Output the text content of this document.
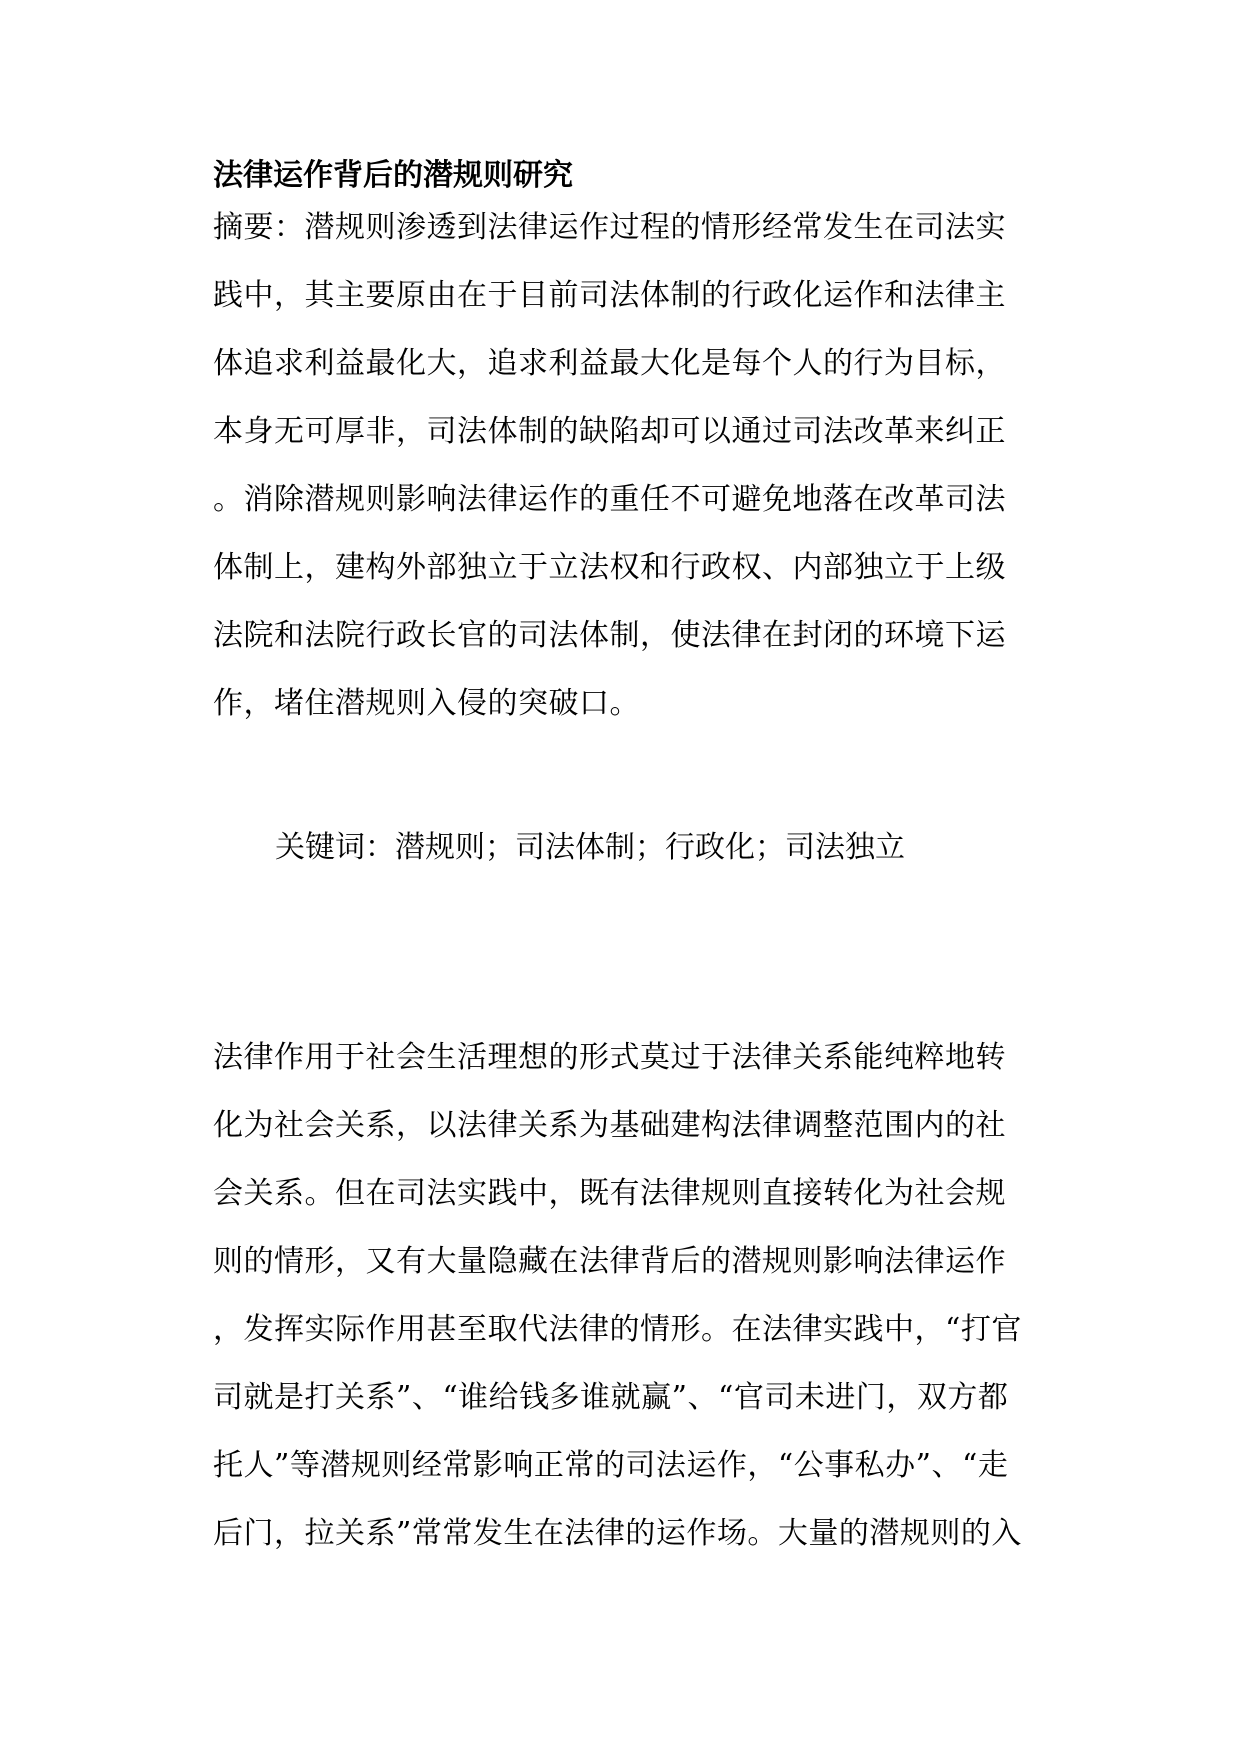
法律运作背后的潜规则研究
摘要：潜规则渗透到法律运作过程的情形经常发生在司法实
践中，其主要原由在于目前司法体制的行政化运作和法律主
体追求利益最化大，追求利益最大化是每个人的行为目标，
本身无可厚非，司法体制的缺陷却可以通过司法改革来纠正
。消除潜规则影响法律运作的重任不可避免地落在改革司法
体制上，建构外部独立于立法权和行政权、内部独立于上级
法院和法院行政长官的司法体制，使法律在封闭的环境下运
作，堵住潜规则入侵的突破口。
关键词：潜规则；司法体制；行政化；司法独立
法律作用于社会生活理想的形式莫过于法律关系能纯粹地转
化为社会关系，以法律关系为基础建构法律调整范围内的社
会关系。但在司法实践中，既有法律规则直接转化为社会规
则的情形，又有大量隐藏在法律背后的潜规则影响法律运作
，发挥实际作用甚至取代法律的情形。在法律实践中，“打官
司就是打关系”、“谁给钱多谁就赢”、“官司未进门，双方都
托人”等潜规则经常影响正常的司法运作，“公事私办”、“走
后门，拉关系”常常发生在法律的运作场。大量的潜规则的入
